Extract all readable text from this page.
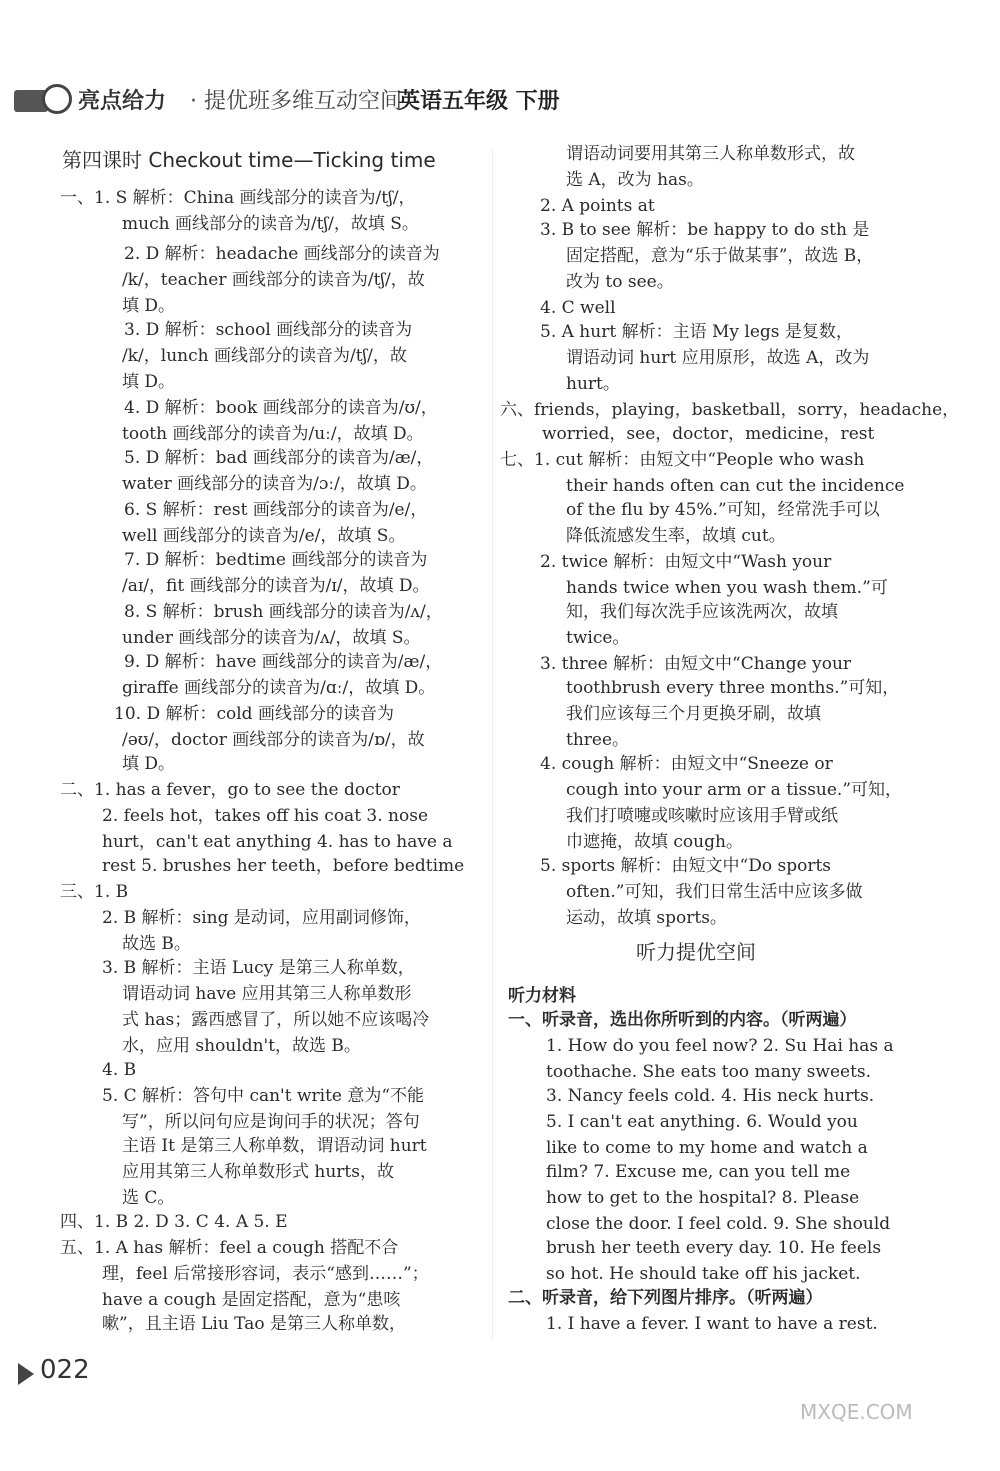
亮点给力 · 提优班多维互动空间
英语五年级 下册
第四课时 Checkout time—Ticking time
一、1. S 解析：China 画线部分的读音为/tʃ/，
much 画线部分的读音为/tʃ/，故填 S。
2. D 解析：headache 画线部分的读音为
/k/，teacher 画线部分的读音为/tʃ/，故
填 D。
3. D 解析：school 画线部分的读音为
/k/，lunch 画线部分的读音为/tʃ/，故
填 D。
4. D 解析：book 画线部分的读音为/ʊ/，
tooth 画线部分的读音为/uː/，故填 D。
5. D 解析：bad 画线部分的读音为/æ/，
water 画线部分的读音为/ɔː/，故填 D。
6. S 解析：rest 画线部分的读音为/e/，
well 画线部分的读音为/e/，故填 S。
7. D 解析：bedtime 画线部分的读音为
/aɪ/，fit 画线部分的读音为/ɪ/，故填 D。
8. S 解析：brush 画线部分的读音为/ʌ/，
under 画线部分的读音为/ʌ/，故填 S。
9. D 解析：have 画线部分的读音为/æ/，
giraffe 画线部分的读音为/ɑː/，故填 D。
10. D 解析：cold 画线部分的读音为
/əʊ/，doctor 画线部分的读音为/ɒ/，故
填 D。
二、1. has a fever，go to see the doctor
2. feels hot，takes off his coat 3. nose
hurt，can't eat anything 4. has to have a
rest 5. brushes her teeth，before bedtime
三、1. B
2. B 解析：sing 是动词，应用副词修饰，
故选 B。
3. B 解析：主语 Lucy 是第三人称单数，
谓语动词 have 应用其第三人称单数形
式 has；露西感冒了，所以她不应该喝冷
水，应用 shouldn't，故选 B。
4. B
5. C 解析：答句中 can't write 意为“不能
写”，所以问句应是询问手的状况；答句
主语 It 是第三人称单数，谓语动词 hurt
应用其第三人称单数形式 hurts，故
选 C。
四、1. B 2. D 3. C 4. A 5. E
五、1. A has 解析：feel a cough 搭配不合
理，feel 后常接形容词，表示“感到……”；
have a cough 是固定搭配，意为“患咳
嗽”，且主语 Liu Tao 是第三人称单数，
谓语动词要用其第三人称单数形式，故
选 A，改为 has。
2. A points at
3. B to see 解析：be happy to do sth 是
固定搭配，意为“乐于做某事”，故选 B，
改为 to see。
4. C well
5. A hurt 解析：主语 My legs 是复数，
谓语动词 hurt 应用原形，故选 A，改为
hurt。
六、friends，playing，basketball，sorry，headache，
worried，see，doctor，medicine，rest
七、1. cut 解析：由短文中“People who wash
their hands often can cut the incidence
of the flu by 45%.”可知，经常洗手可以
降低流感发生率，故填 cut。
2. twice 解析：由短文中“Wash your
hands twice when you wash them.”可
知，我们每次洗手应该洗两次，故填
twice。
3. three 解析：由短文中“Change your
toothbrush every three months.”可知，
我们应该每三个月更换牙刷，故填
three。
4. cough 解析：由短文中“Sneeze or
cough into your arm or a tissue.”可知，
我们打喷嚏或咳嗽时应该用手臂或纸
巾遮掩，故填 cough。
5. sports 解析：由短文中“Do sports
often.”可知，我们日常生活中应该多做
运动，故填 sports。
听力提优空间
听力材料
一、听录音，选出你所听到的内容。（听两遍）
1. How do you feel now? 2. Su Hai has a
toothache. She eats too many sweets.
3. Nancy feels cold. 4. His neck hurts.
5. I can't eat anything. 6. Would you
like to come to my home and watch a
film? 7. Excuse me, can you tell me
how to get to the hospital? 8. Please
close the door. I feel cold. 9. She should
brush her teeth every day. 10. He feels
so hot. He should take off his jacket.
二、听录音，给下列图片排序。（听两遍）
1. I have a fever. I want to have a rest.
022
MXQE.COM
